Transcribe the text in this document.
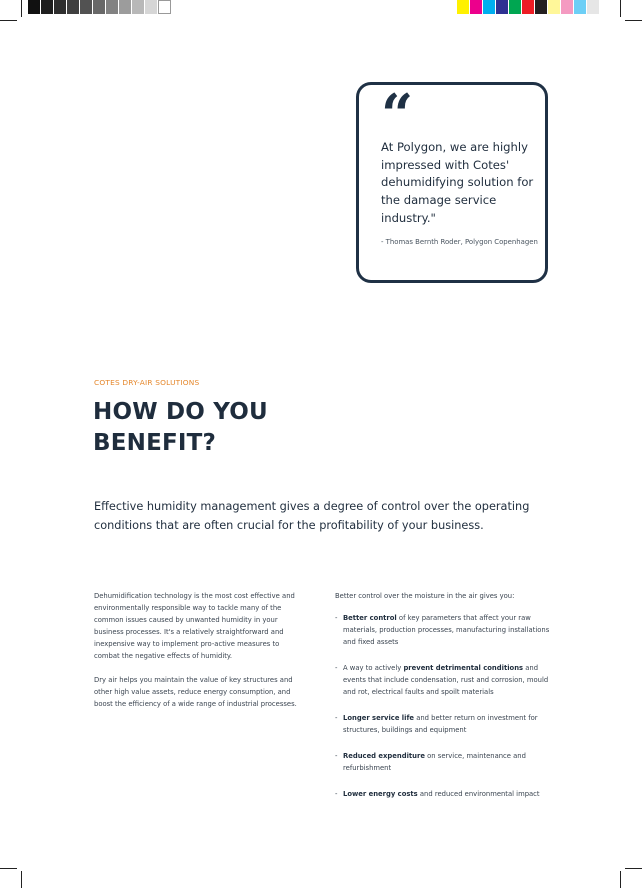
“
At Polygon, we are highly impressed with Cotes' dehumidifying solution for the damage service industry."
- Thomas Bernth Roder, Polygon Copenhagen
COTES DRY-AIR SOLUTIONS
HOW DO YOU
BENEFIT?
Effective humidity management gives a degree of control over the operating conditions that are often crucial for the profitability of your business.

Dehumidification technology is the most cost effective and environmentally responsible way to tackle many of the common issues caused by unwanted humidity in your business processes. It's a relatively straightforward and inexpensive way to implement pro-active measures to combat the negative effects of humidity.

Dry air helps you maintain the value of key structures and other high value assets, reduce energy consumption, and boost the efficiency of a wide range of industrial processes.

Better control over the moisture in the air gives you:

- Better control of key parameters that affect your raw materials, production processes, manufacturing installations and fixed assets
- A way to actively prevent detrimental conditions and events that include condensation, rust and corrosion, mould and rot, electrical faults and spoilt materials
- Longer service life and better return on investment for structures, buildings and equipment
- Reduced expenditure on service, maintenance and refurbishment
- Lower energy costs and reduced environmental impact
